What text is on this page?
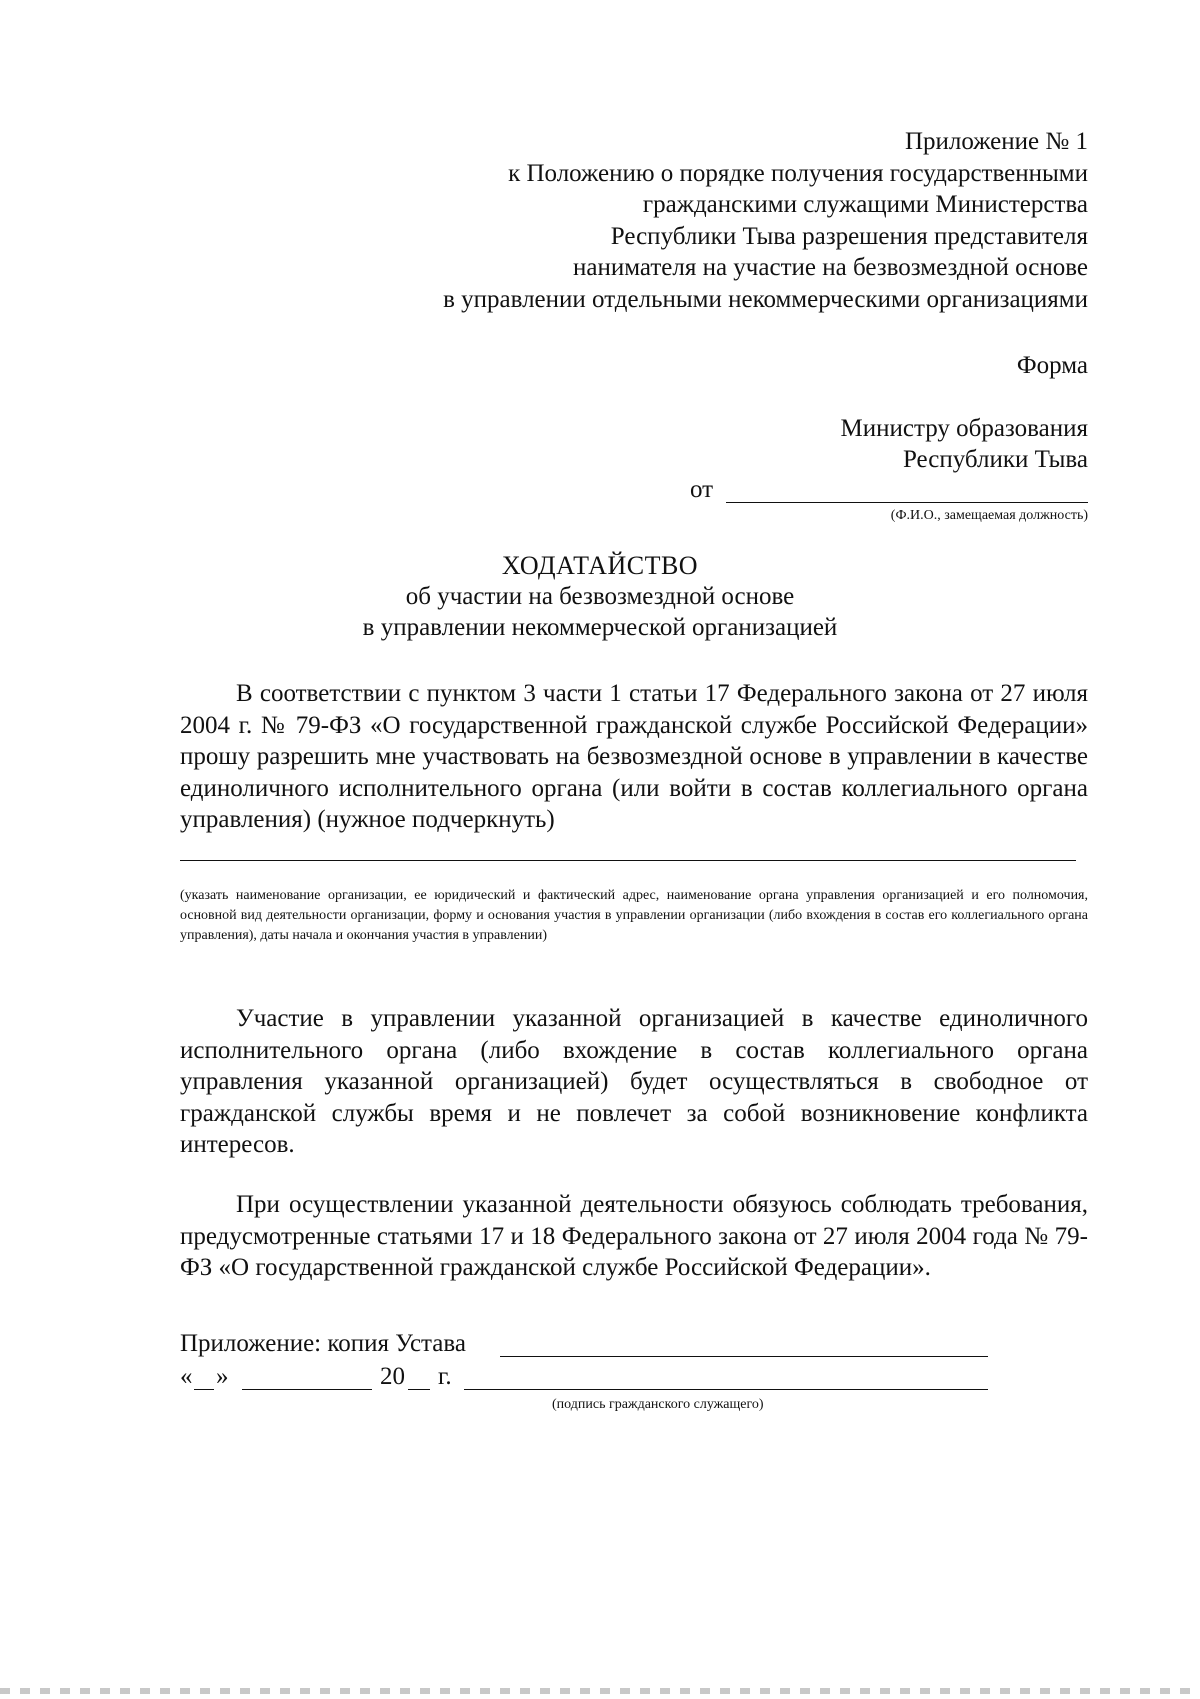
Приложение № 1
к Положению о порядке получения государственными
гражданскими служащими Министерства
Республики Тыва разрешения представителя
нанимателя на участие на безвозмездной основе
в управлении отдельными некоммерческими организациями
Форма
Министру образования
Республики Тыва
от
(Ф.И.О., замещаемая должность)
ХОДАТАЙСТВО
об участии на безвозмездной основе
в управлении некоммерческой организацией
В соответствии с пунктом 3 части 1 статьи 17 Федерального закона от 27 июля 2004 г. № 79-ФЗ «О государственной гражданской службе Российской Федерации» прошу разрешить мне участвовать на безвозмездной основе в управлении в качестве единоличного исполнительного органа (или войти в состав коллегиального органа управления) (нужное подчеркнуть)
(указать наименование организации, ее юридический и фактический адрес, наименование органа управления организацией и его полномочия, основной вид деятельности организации, форму и основания участия в управлении организации (либо вхождения в состав его коллегиального органа управления), даты начала и окончания участия в управлении)
Участие в управлении указанной организацией в качестве единоличного исполнительного органа (либо вхождение в состав коллегиального органа управления указанной организацией) будет осуществляться в свободное от гражданской службы время и не повлечет за собой возникновение конфликта интересов.
При осуществлении указанной деятельности обязуюсь соблюдать требования, предусмотренные статьями 17 и 18 Федерального закона от 27 июля 2004 года № 79-ФЗ «О государственной гражданской службе Российской Федерации».
Приложение: копия Устава
« »	20 г.
(подпись гражданского служащего)
